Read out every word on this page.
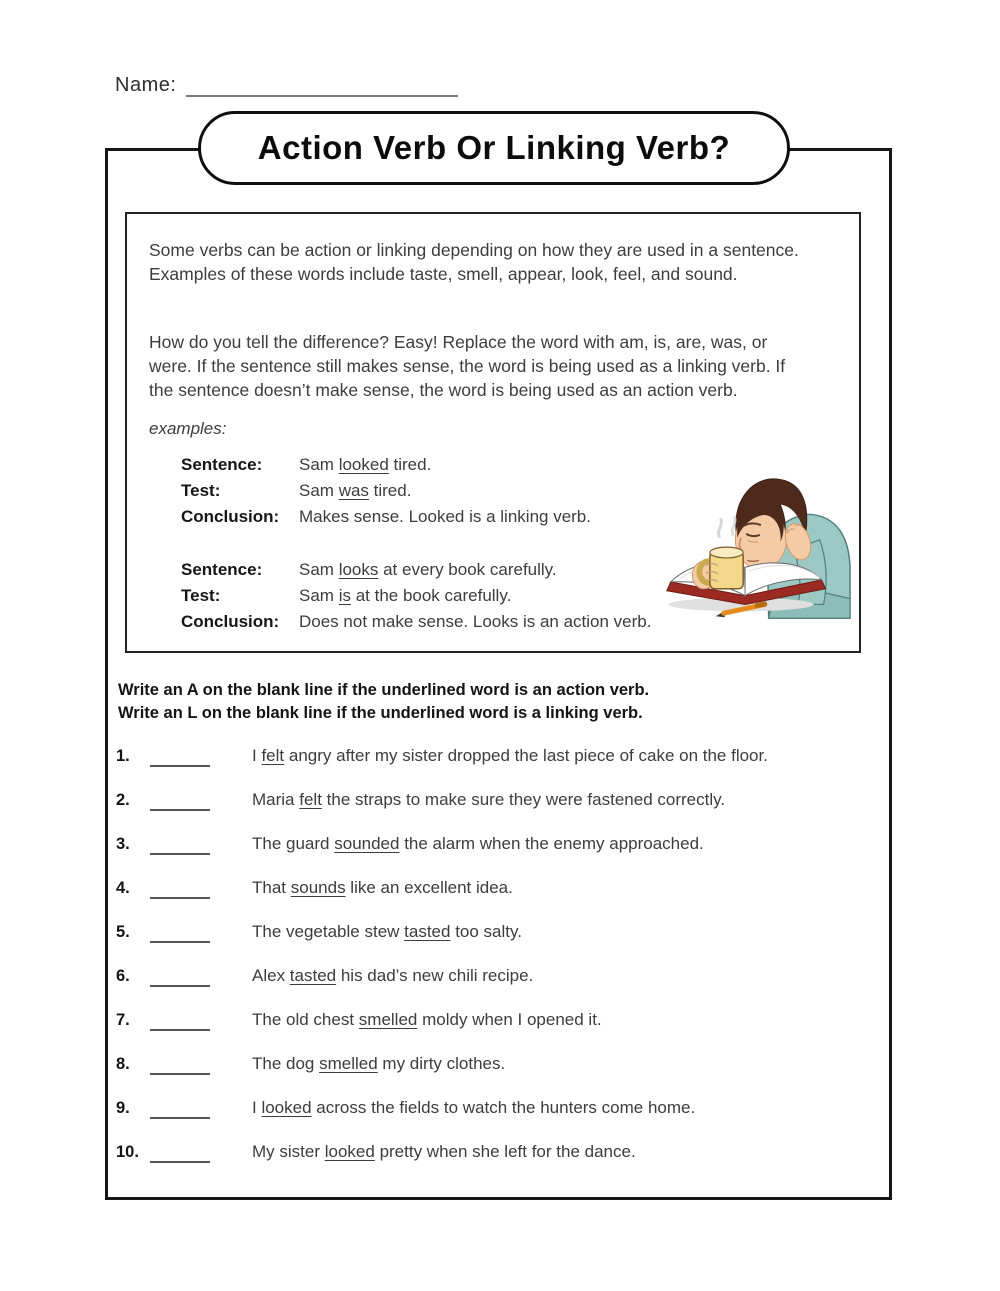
Name:
Action Verb Or Linking Verb?

Some verbs can be action or linking depending on how they are used in a sentence. Examples of these words include taste, smell, appear, look, feel, and sound.

How do you tell the difference? Easy! Replace the word with am, is, are, was, or were. If the sentence still makes sense, the word is being used as a linking verb. If the sentence doesn’t make sense, the word is being used as an action verb.

examples:
Sentence:	Sam looked tired.
Test:	Sam was tired.
Conclusion:	Makes sense. Looked is a linking verb.
Sentence:	Sam looks at every book carefully.
Test:	Sam is at the book carefully.
Conclusion:	Does not make sense. Looks is an action verb.
Write an A on the blank line if the underlined word is an action verb.
Write an L on the blank line if the underlined word is a linking verb.
1.	I felt angry after my sister dropped the last piece of cake on the floor.
2.	Maria felt the straps to make sure they were fastened correctly.
3.	The guard sounded the alarm when the enemy approached.
4.	That sounds like an excellent idea.
5.	The vegetable stew tasted too salty.
6.	Alex tasted his dad’s new chili recipe.
7.	The old chest smelled moldy when I opened it.
8.	The dog smelled my dirty clothes.
9.	I looked across the fields to watch the hunters come home.
10.	My sister looked pretty when she left for the dance.
